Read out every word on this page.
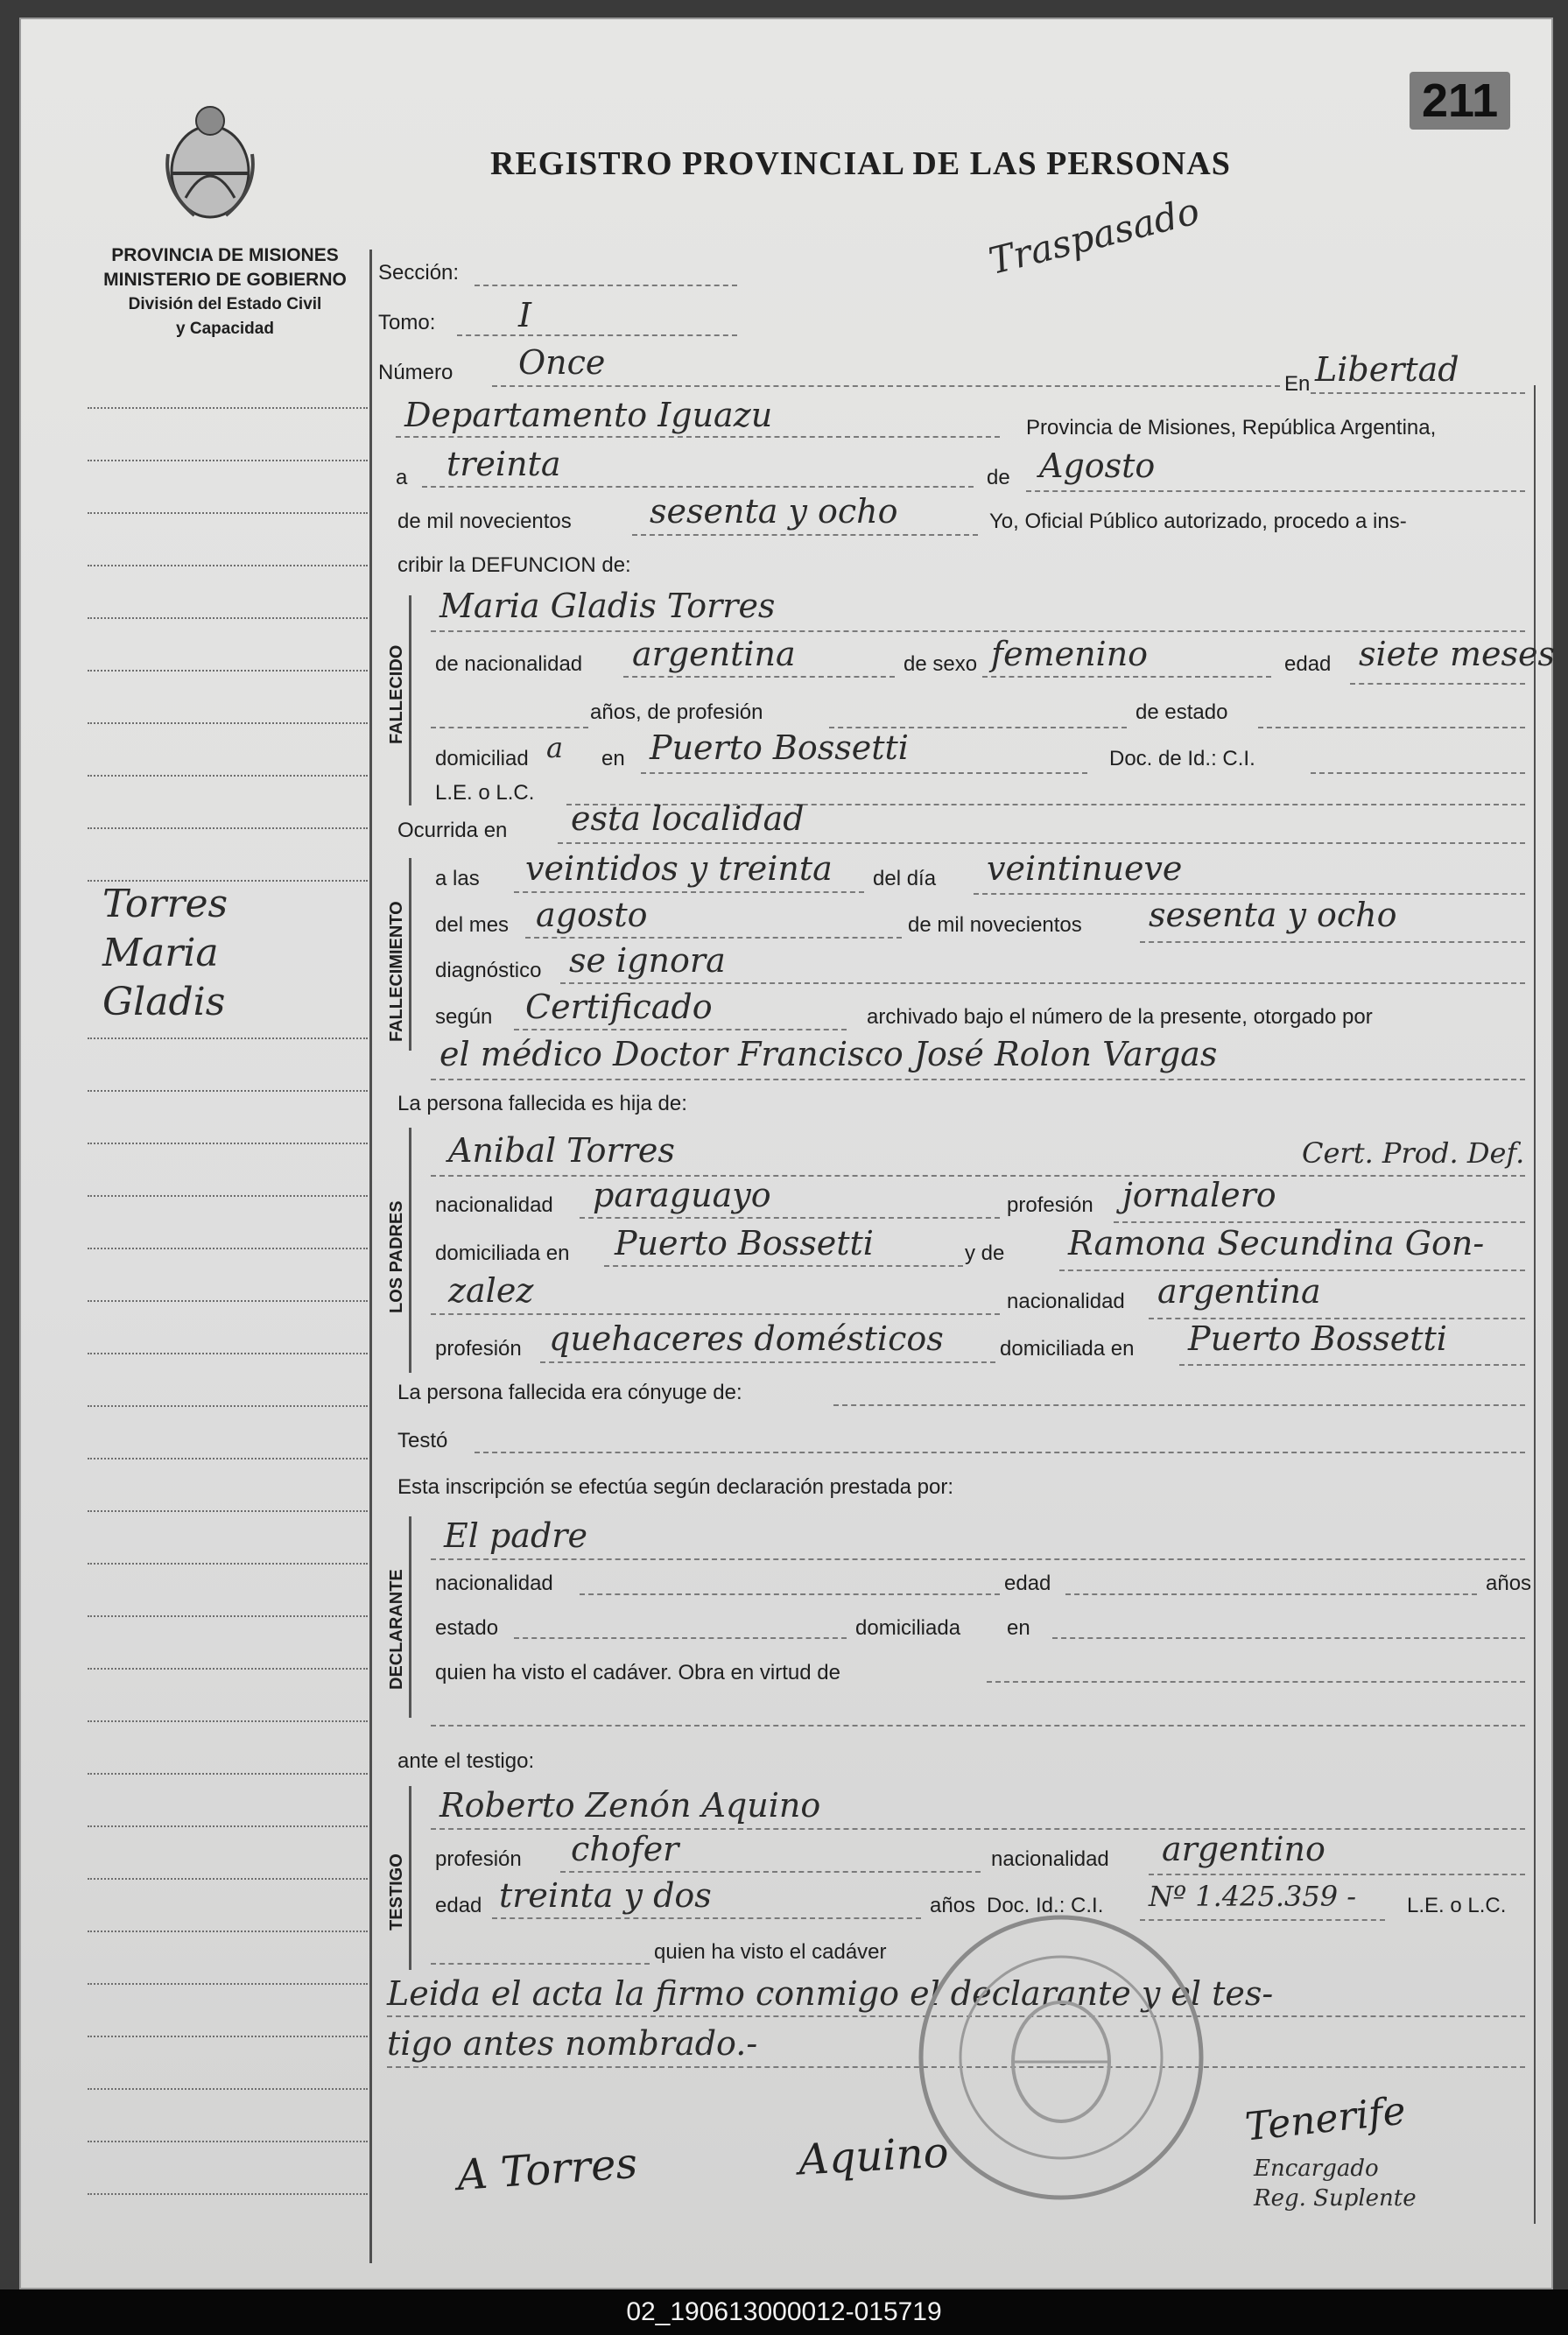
211
REGISTRO PROVINCIAL DE LAS PERSONAS
Traspasado
PROVINCIA DE MISIONES
MINISTERIO DE GOBIERNO
División del Estado Civil
y Capacidad
Torres
Maria
Gladis
Sección:
Tomo: I
Número Once
En Libertad
Departamento Iguazu	Provincia de Misiones, República Argentina,
a treinta	de Agosto
de mil novecientos sesenta y ocho	Yo, Oficial Público autorizado, procedo a ins-
cribir la DEFUNCION de:
FALLECIDO
Maria Gladis Torres
de nacionalidad argentina	de sexo femenino	edad siete meses
años, de profesión	de estado
domiciliad a en Puerto Bossetti	Doc. de Id.: C.I.
L.E. o L.C.
Ocurrida en esta localidad
FALLECIMIENTO
a las veintidos y treinta del día veintinueve
del mes agosto	de mil novecientos sesenta y ocho
diagnóstico se ignora
según Certificado	archivado bajo el número de la presente, otorgado por
el médico Doctor Francisco José Rolon Vargas
La persona fallecida es hija de:
LOS PADRES
Anibal Torres	Cert. Prod. Def.
nacionalidad paraguayo	profesión jornalero
domiciliada en Puerto Bossetti	y de Ramona Secundina Gon-
zalez	nacionalidad argentina
profesión quehaceres domésticos	domiciliada en Puerto Bossetti
La persona fallecida era cónyuge de:
Testó
Esta inscripción se efectúa según declaración prestada por:
DECLARANTE
El padre
nacionalidad	edad	años
estado	domiciliada en
quien ha visto el cadáver. Obra en virtud de
ante el testigo:
TESTIGO
Roberto Zenón Aquino
profesión chofer	nacionalidad argentino
edad treinta y dos	años Doc. Id.: C.I. Nº 1.425.359 - L.E. o L.C.
quien ha visto el cadáver
Leida el acta la firmo conmigo el declarante y el tes-
tigo antes nombrado.-
A Torres	Aquino
Tenerife
Encargado
Reg. Suplente
02_190613000012-015719
